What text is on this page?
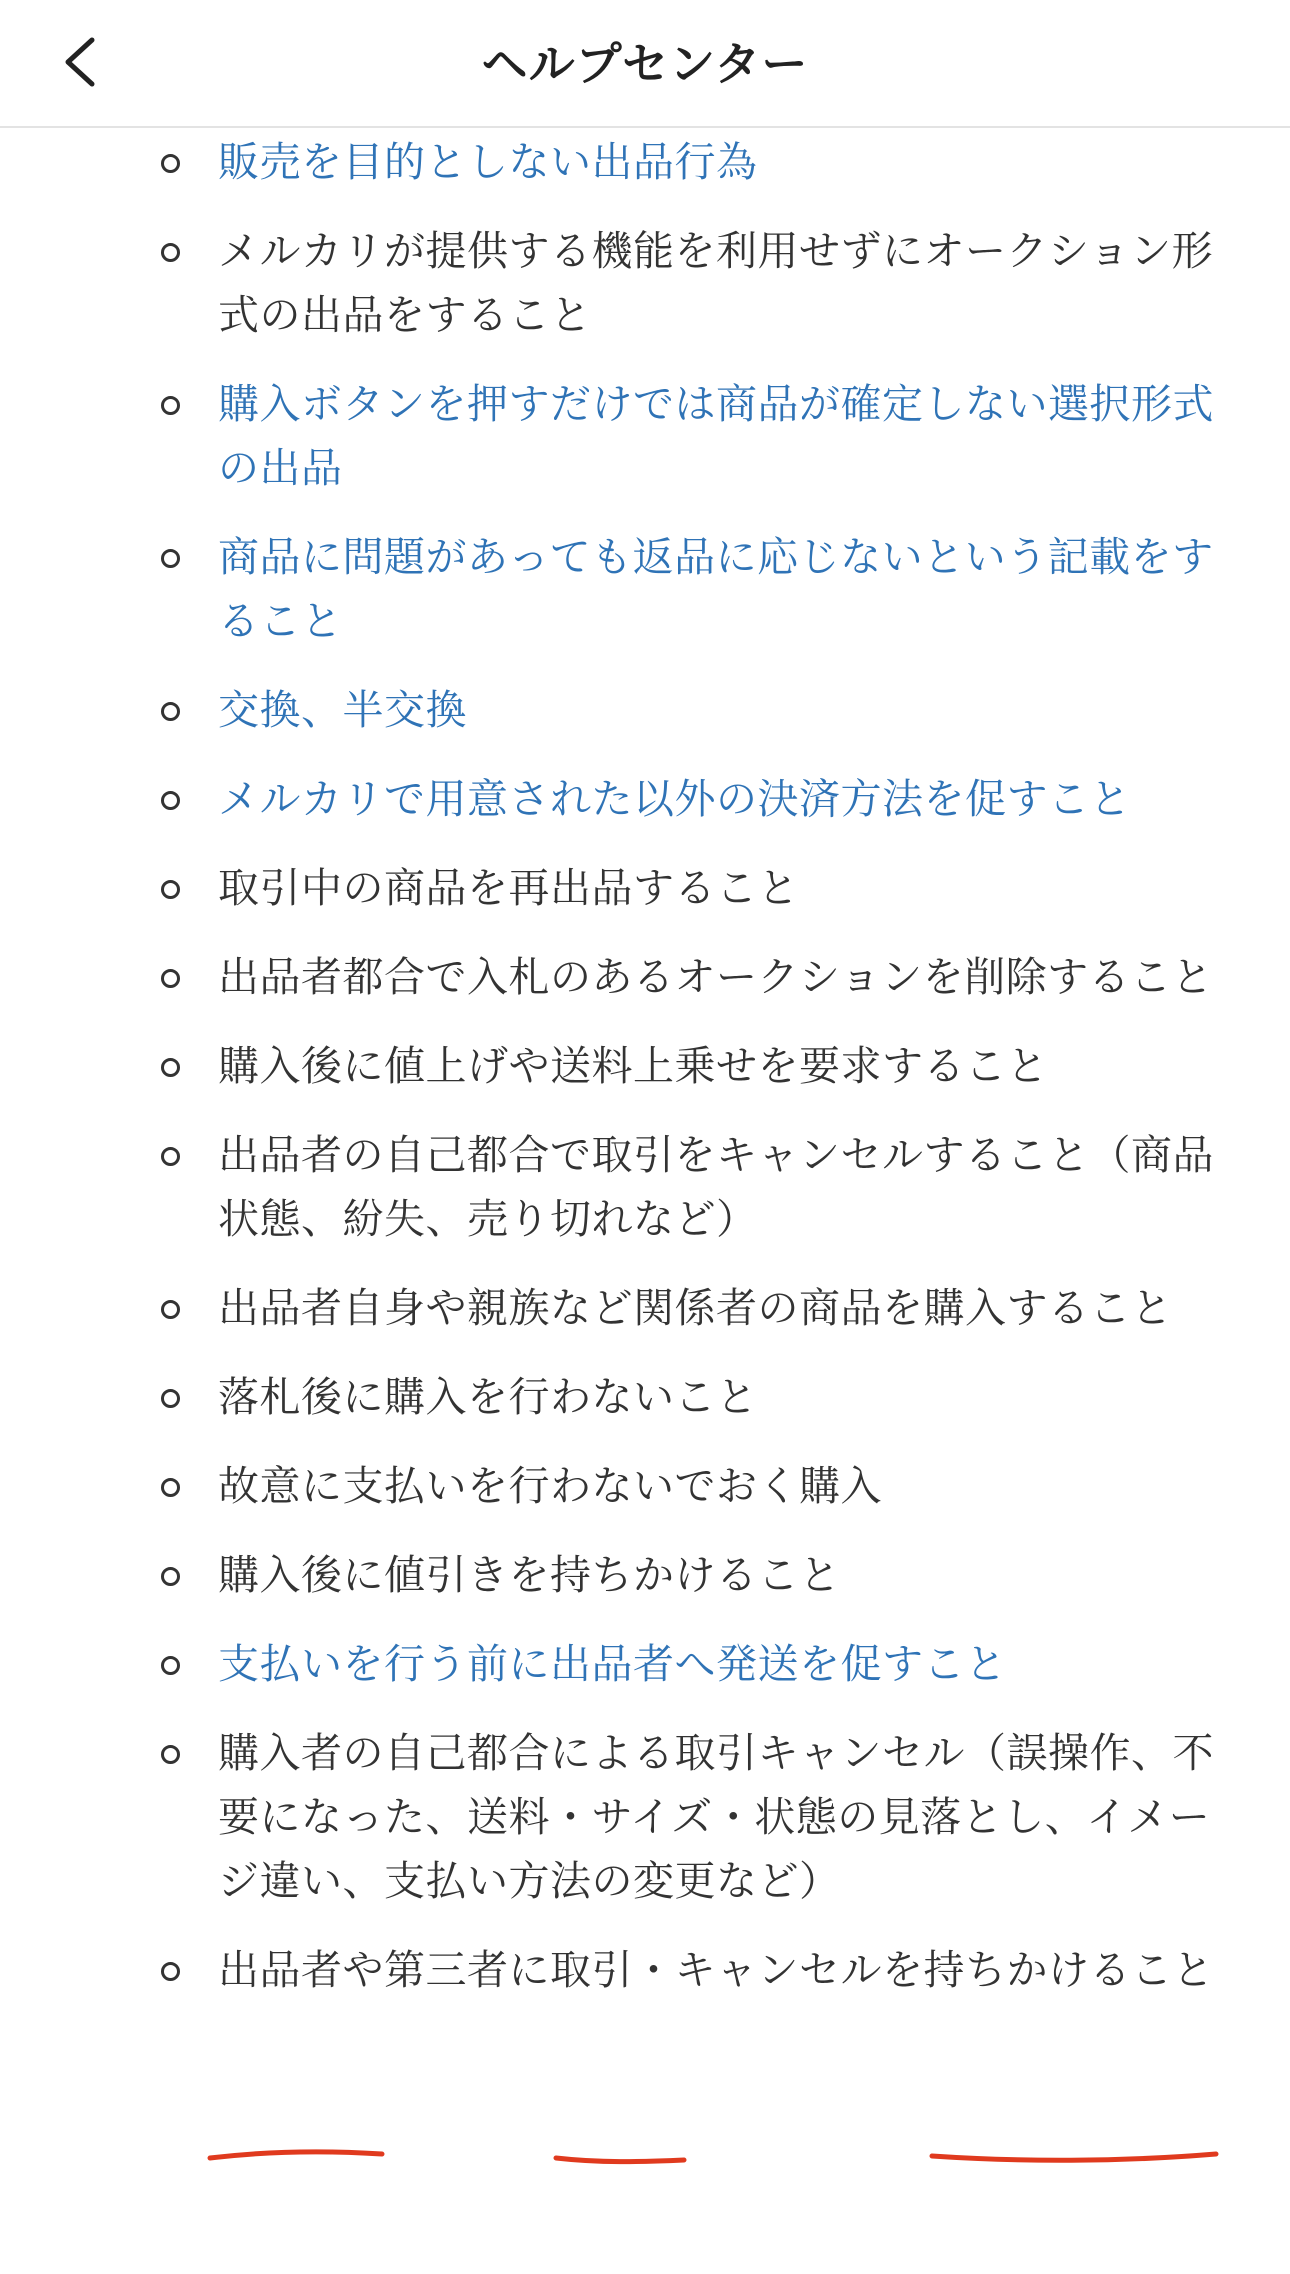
ヘルプセンター
販売を目的としない出品行為
メルカリが提供する機能を利用せずにオークション形式の出品をすること
購入ボタンを押すだけでは商品が確定しない選択形式の出品
商品に問題があっても返品に応じないという記載をすること
交換、半交換
メルカリで用意された以外の決済方法を促すこと
取引中の商品を再出品すること
出品者都合で入札のあるオークションを削除すること
購入後に値上げや送料上乗せを要求すること
出品者の自己都合で取引をキャンセルすること（商品状態、紛失、売り切れなど）
出品者自身や親族など関係者の商品を購入すること
落札後に購入を行わないこと
故意に支払いを行わないでおく購入
購入後に値引きを持ちかけること
支払いを行う前に出品者へ発送を促すこと
購入者の自己都合による取引キャンセル（誤操作、不要になった、送料・サイズ・状態の見落とし、イメージ違い、支払い方法の変更など）
出品者や第三者に取引・キャンセルを持ちかけること
